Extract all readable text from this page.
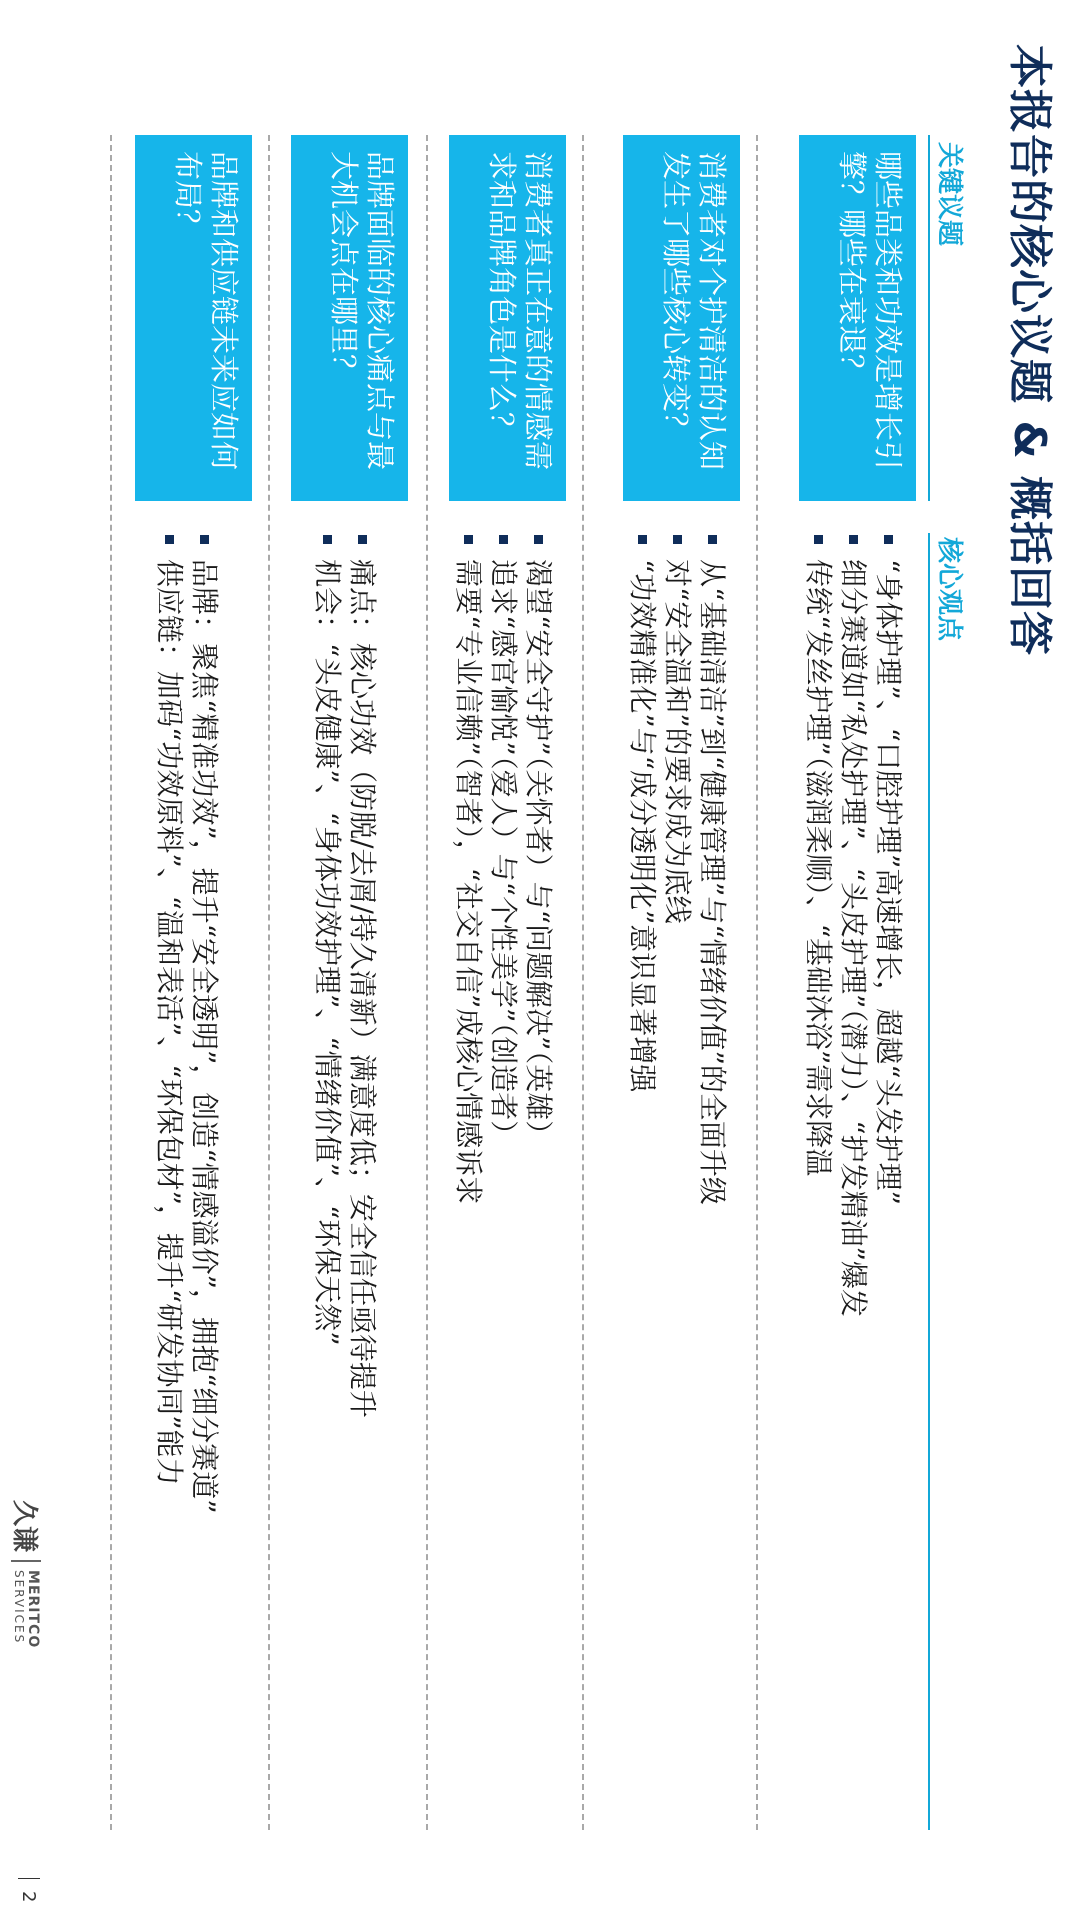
本报告的核心议题 & 概括回答
关键议题
核心观点
哪些品类和功效是增长引擎？哪些在衰退？
“身体护理”、“口腔护理”高速增长，超越“头发护理”
细分赛道如“私处护理”、“头皮护理”（潜力）、“护发精油”爆发
传统“发丝护理”（滋润柔顺）、“基础沐浴”需求降温
消费者对个护清洁的认知发生了哪些核心转变？
从“基础清洁”到“健康管理”与“情绪价值”的全面升级
对“安全温和”的要求成为底线
“功效精准化”与“成分透明化”意识显著增强
消费者真正在意的情感需求和品牌角色是什么？
渴望“安全守护”（关怀者）与“问题解决”（英雄）
追求“感官愉悦”（爱人）与“个性美学”（创造者）
需要“专业信赖”（智者），“社交自信”成核心情感诉求
品牌面临的核心痛点与最大机会点在哪里？
痛点：核心功效（防脱/去屑/持久清新）满意度低；安全信任亟待提升
机会：“头皮健康”、“身体功效护理”、“情绪价值”、“环保天然”
品牌和供应链未来应如何布局？
品牌：聚焦“精准功效”，提升“安全透明”，创造“情感溢价”，拥抱“细分赛道”
供应链：加码“功效原料”、“温和表活”、“环保包材”，提升“研发协同”能力
久谦
MERITCO
SERVICES
2
